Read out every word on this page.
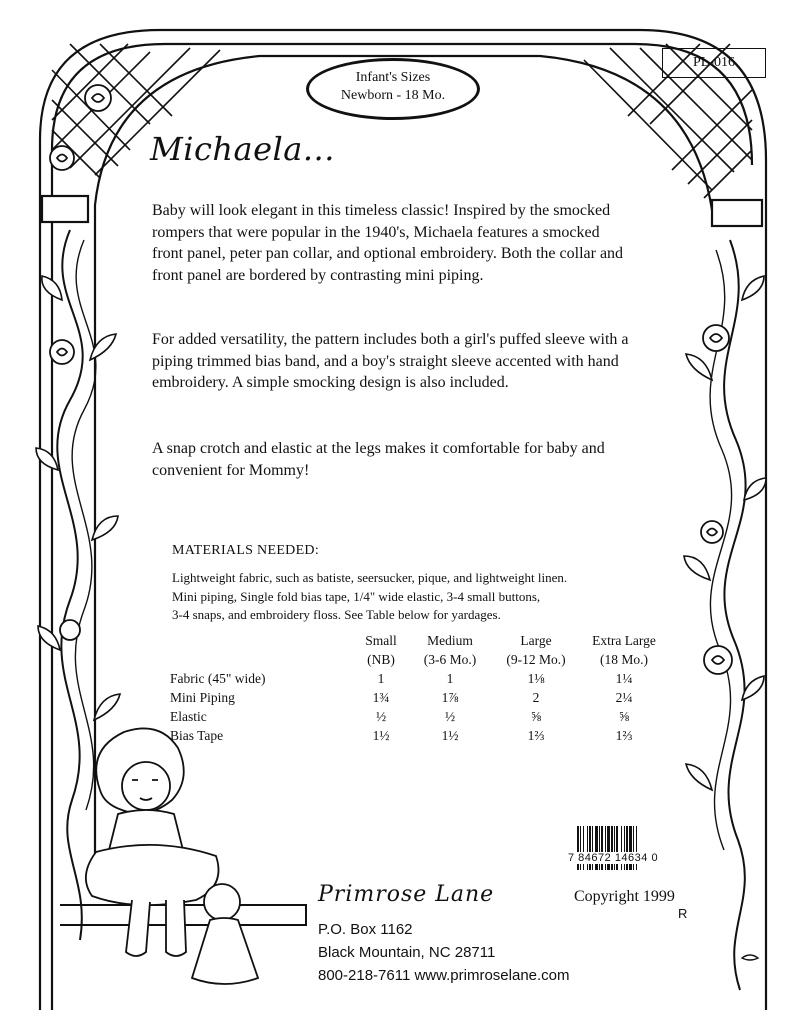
Infant's Sizes
Newborn - 18 Mo.
PL-016
Michaela...

Baby will look elegant in this timeless classic! Inspired by the smocked rompers that were popular in the 1940's, Michaela features a smocked front panel, peter pan collar, and optional embroidery. Both the collar and front panel are bordered by contrasting mini piping.

For added versatility, the pattern includes both a girl's puffed sleeve with a piping trimmed bias band, and a boy's straight sleeve accented with hand embroidery. A simple smocking design is also included.

A snap crotch and elastic at the legs makes it comfortable for baby and convenient for Mommy!

MATERIALS NEEDED:
Lightweight fabric, such as batiste, seersucker, pique, and lightweight linen.
Mini piping, Single fold bias tape, 1/4" wide elastic, 3-4 small buttons,
3-4 snaps, and embroidery floss. See Table below for yardages.
	Small	Medium	Large	Extra Large
	(NB)	(3-6 Mo.)	(9-12 Mo.)	(18 Mo.)
Fabric (45" wide)	1	1	1⅛	1¼
Mini Piping	1¾	1⅞	2	2¼
Elastic	½	½	⅝	⅝
Bias Tape	1½	1½	1⅔	1⅔
7 84672 14634 0
Primrose Lane
P.O. Box 1162
Black Mountain, NC 28711
800-218-7611 www.primroselane.com
Copyright 1999
R
